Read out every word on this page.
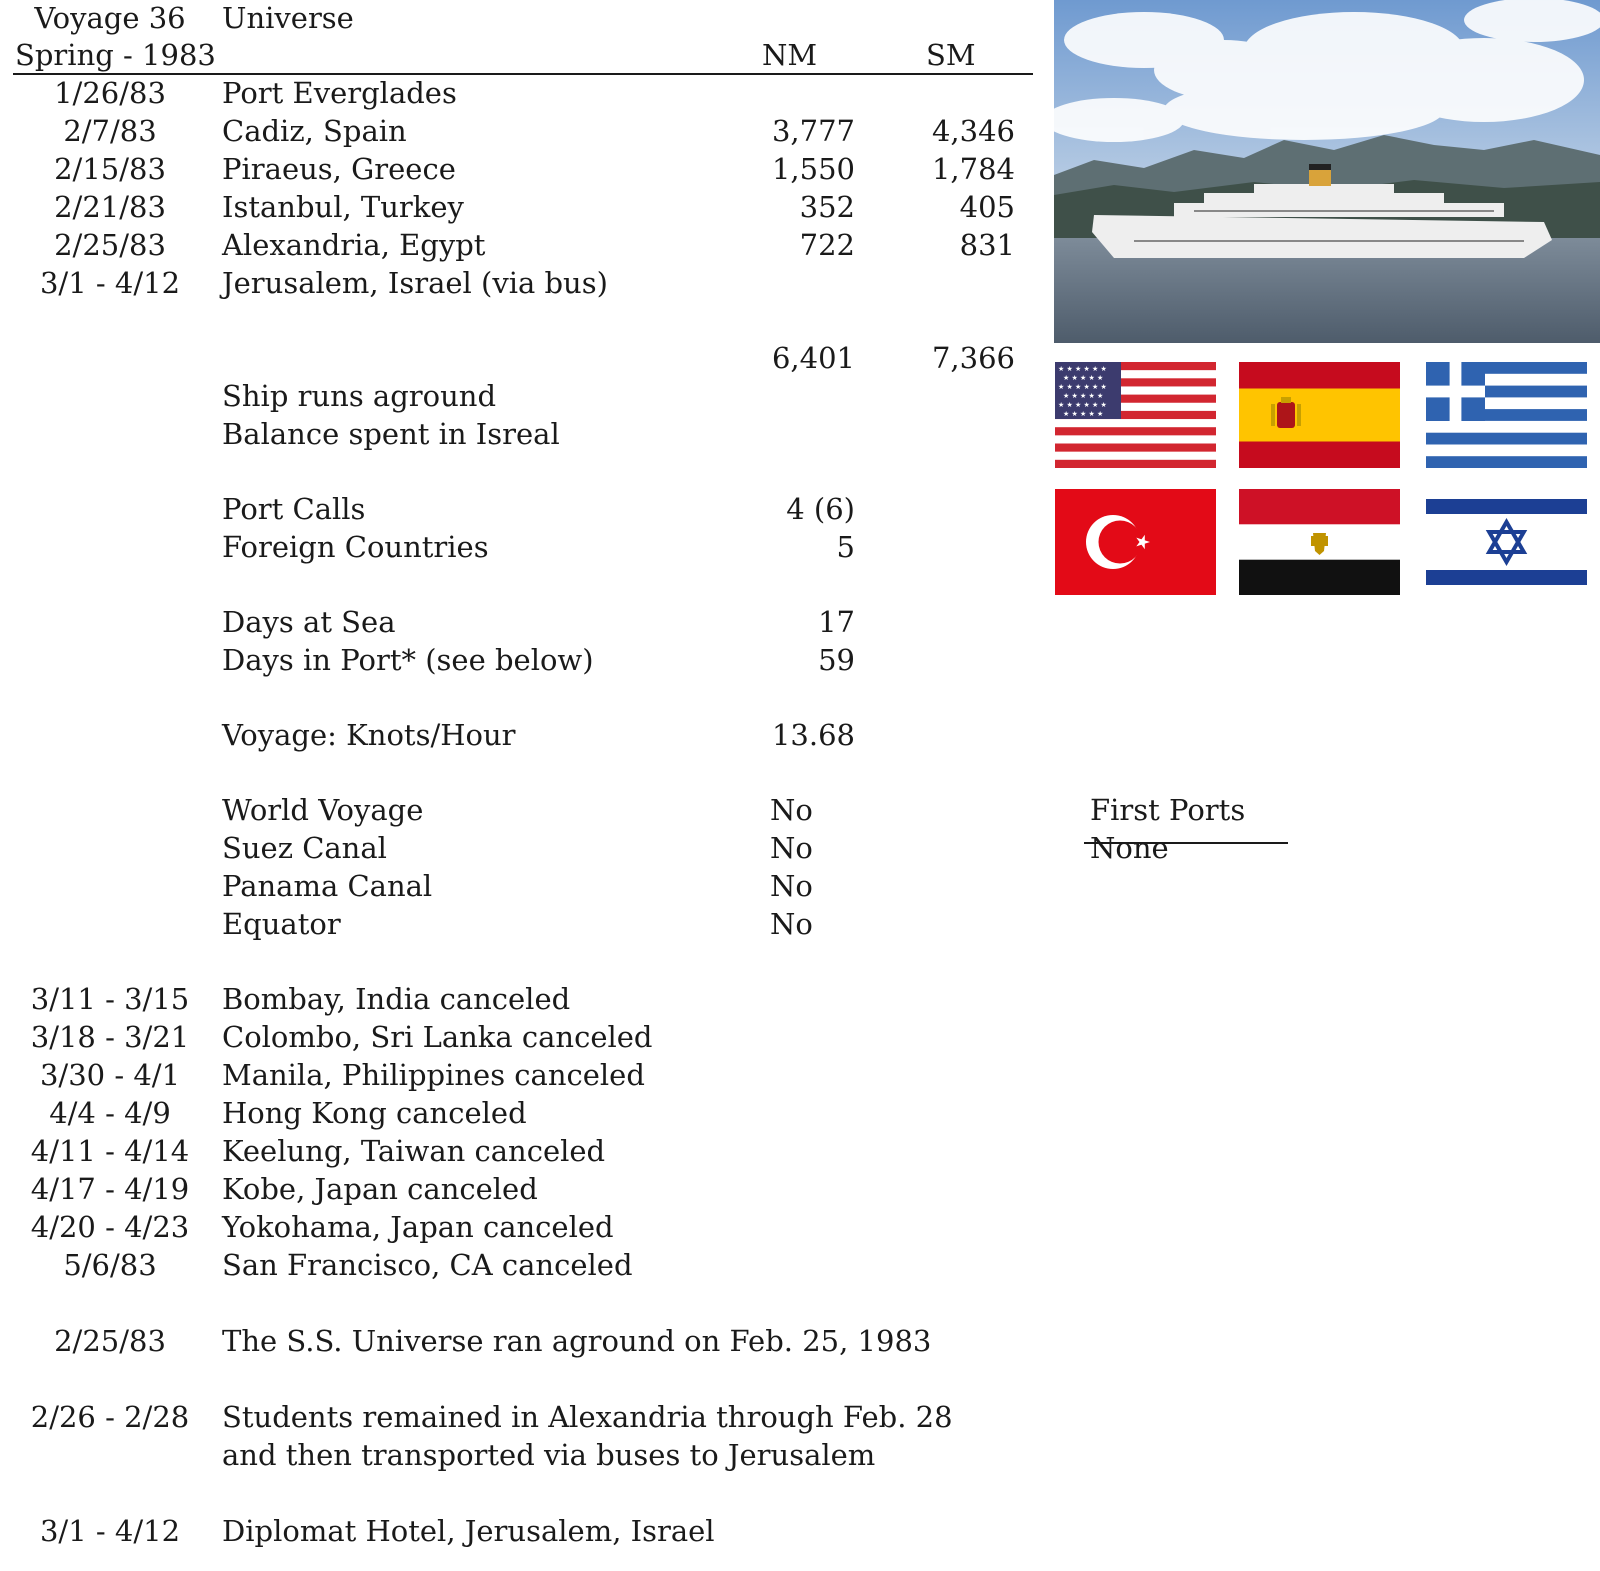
Voyage 36	Universe
Spring - 1983	NM	SM
1/26/83	Port Everglades
2/7/83	Cadiz, Spain	3,777	4,346
2/15/83	Piraeus, Greece	1,550	1,784
2/21/83	Istanbul, Turkey	352	405
2/25/83	Alexandria, Egypt	722	831
3/1 - 4/12	Jerusalem, Israel (via bus)
6,401	7,366
Ship runs aground
Balance spent in Isreal
Port Calls	4 (6)
Foreign Countries	5
Days at Sea	17
Days in Port* (see below)	59
Voyage: Knots/Hour	13.68
World Voyage	No
Suez Canal	No
Panama Canal	No
Equator	No
First Ports
None
3/11 - 3/15	Bombay, India canceled
3/18 - 3/21	Colombo, Sri Lanka canceled
3/30 - 4/1	Manila, Philippines canceled
4/4 - 4/9	Hong Kong canceled
4/11 - 4/14	Keelung, Taiwan canceled
4/17 - 4/19	Kobe, Japan canceled
4/20 - 4/23	Yokohama, Japan canceled
5/6/83	San Francisco, CA canceled
2/25/83	The S.S. Universe ran aground on Feb. 25, 1983
2/26 - 2/28	Students remained in Alexandria through Feb. 28
and then transported via buses to Jerusalem
3/1 - 4/12	Diplomat Hotel, Jerusalem, Israel
★ ★ ★ ★ ★ ★
★ ★ ★ ★ ★
★ ★ ★ ★ ★ ★
★ ★ ★ ★ ★
★ ★ ★ ★ ★ ★
★ ★ ★ ★ ★
